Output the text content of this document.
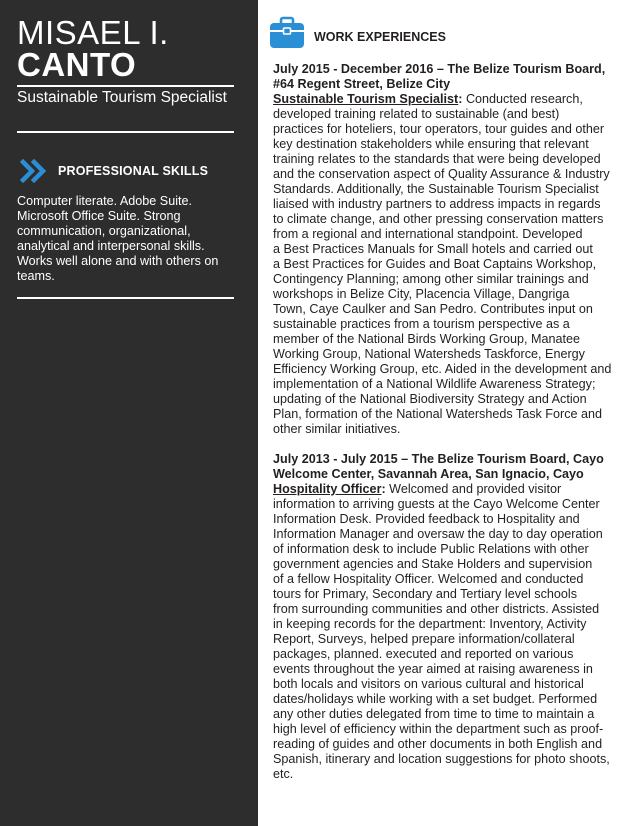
MISAEL I.
CANTO
Sustainable Tourism Specialist
PROFESSIONAL SKILLS
Computer literate. Adobe Suite.
Microsoft Office Suite. Strong
communication, organizational,
analytical and interpersonal skills.
Works well alone and with others on
teams.
WORK EXPERIENCES
July 2015 - December 2016 – The Belize Tourism Board,
#64 Regent Street, Belize City
Sustainable Tourism Specialist: Conducted research,
developed training related to sustainable (and best)
practices for hoteliers, tour operators, tour guides and other
key destination stakeholders while ensuring that relevant
training relates to the standards that were being developed
and the conservation aspect of Quality Assurance & Industry
Standards. Additionally, the Sustainable Tourism Specialist
liaised with industry partners to address impacts in regards
to climate change, and other pressing conservation matters
from a regional and international standpoint. Developed
a Best Practices Manuals for Small hotels and carried out
a Best Practices for Guides and Boat Captains Workshop,
Contingency Planning; among other similar trainings and
workshops in Belize City, Placencia Village, Dangriga
Town, Caye Caulker and San Pedro. Contributes input on
sustainable practices from a tourism perspective as a
member of the National Birds Working Group, Manatee
Working Group, National Watersheds Taskforce, Energy
Efficiency Working Group, etc. Aided in the development and
implementation of a National Wildlife Awareness Strategy;
updating of the National Biodiversity Strategy and Action
Plan, formation of the National Watersheds Task Force and
other similar initiatives.
July 2013 - July 2015 – The Belize Tourism Board, Cayo
Welcome Center, Savannah Area, San Ignacio, Cayo
Hospitality Officer: Welcomed and provided visitor
information to arriving guests at the Cayo Welcome Center
Information Desk. Provided feedback to Hospitality and
Information Manager and oversaw the day to day operation
of information desk to include Public Relations with other
government agencies and Stake Holders and supervision
of a fellow Hospitality Officer. Welcomed and conducted
tours for Primary, Secondary and Tertiary level schools
from surrounding communities and other districts. Assisted
in keeping records for the department: Inventory, Activity
Report, Surveys, helped prepare information/collateral
packages, planned. executed and reported on various
events throughout the year aimed at raising awareness in
both locals and visitors on various cultural and historical
dates/holidays while working with a set budget. Performed
any other duties delegated from time to time to maintain a
high level of efficiency within the department such as proof-
reading of guides and other documents in both English and
Spanish, itinerary and location suggestions for photo shoots,
etc.
